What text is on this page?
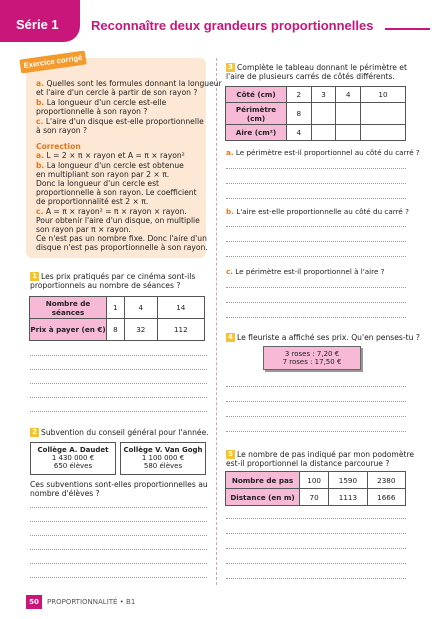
Série 1 Reconnaître deux grandeurs proportionnelles
Exercice corrigé
a. Quelles sont les formules donnant la longueur
et l'aire d'un cercle à partir de son rayon ?
b. La longueur d'un cercle est-elle
proportionnelle à son rayon ?
c. L'aire d'un disque est-elle proportionnelle
à son rayon ?
Correction
a. L = 2 × π × rayon et A = π × rayon²
b. La longueur d'un cercle est obtenue
en multipliant son rayon par 2 × π.
Donc la longueur d'un cercle est
proportionnelle à son rayon. Le coefficient
de proportionnalité est 2 × π.
c. A = π × rayon² = π × rayon × rayon.
Pour obtenir l'aire d'un disque, on multiplie
son rayon par π × rayon.
Ce n'est pas un nombre fixe. Donc l'aire d'un
disque n'est pas proportionnelle à son rayon.
1 Les prix pratiqués par ce cinéma sont-ils
proportionnels au nombre de séances ?
Nombre de séances	1	4	14
Prix à payer (en €)	8	32	112
2 Subvention du conseil général pour l'année.
Collège A. Daudet
1 430 000 €
650 élèves
Collège V. Van Gogh
1 100 000 €
580 élèves
Ces subventions sont-elles proportionnelles au
nombre d'élèves ?
3 Complète le tableau donnant le périmètre et
l'aire de plusieurs carrés de côtés différents.
Côté (cm)	2	3	4	10
Périmètre (cm)	8			
Aire (cm²)	4			
a. Le périmètre est-il proportionnel au côté du carré ?
b. L'aire est-elle proportionnelle au côté du carré ?
c. Le périmètre est-il proportionnel à l'aire ?
4 Le fleuriste a affiché ses prix. Qu'en penses-tu ?
3 roses : 7,20 €
7 roses : 17,50 €
5 Le nombre de pas indiqué par mon podomètre
est-il proportionnel la distance parcourue ?
Nombre de pas	100	1590	2380
Distance (en m)	70	1113	1666
50	PROPORTIONNALITÉ • B1
